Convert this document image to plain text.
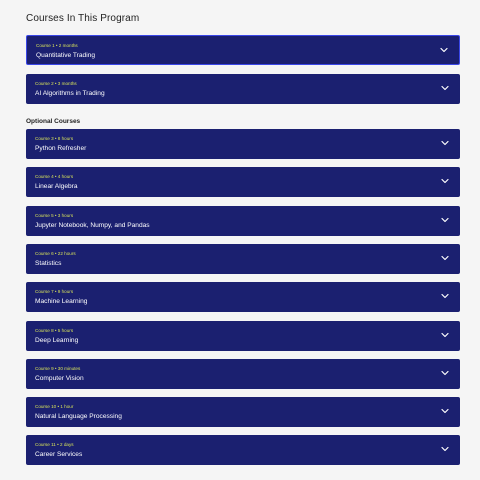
Courses In This Program
Course 1 • 2 months
Quantitative Trading
Course 2 • 3 months
AI Algorithms in Trading
Optional Courses
Course 3 • 8 hours
Python Refresher
Course 4 • 4 hours
Linear Algebra
Course 5 • 3 hours
Jupyter Notebook, Numpy, and Pandas
Course 6 • 22 hours
Statistics
Course 7 • 9 hours
Machine Learning
Course 8 • 5 hours
Deep Learning
Course 9 • 30 minutes
Computer Vision
Course 10 • 1 hour
Natural Language Processing
Course 11 • 2 days
Career Services
